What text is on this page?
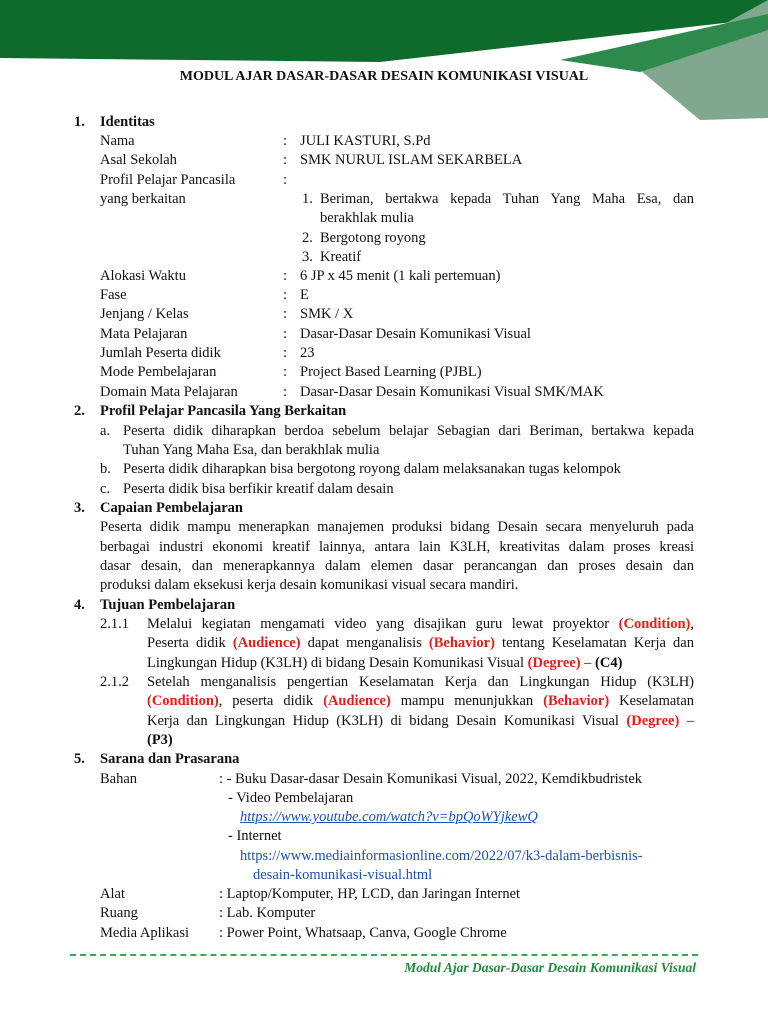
MODUL AJAR DASAR-DASAR DESAIN KOMUNIKASI VISUAL
1. Identitas
Nama	: JULI KASTURI, S.Pd
Asal Sekolah	: SMK NURUL ISLAM SEKARBELA
Profil Pelajar Pancasila	:
yang berkaitan	1. Beriman, bertakwa kepada Tuhan Yang Maha Esa, dan
berakhlak mulia
2. Bergotong royong
3. Kreatif
Alokasi Waktu	: 6 JP x 45 menit (1 kali pertemuan)
Fase	: E
Jenjang / Kelas	: SMK / X
Mata Pelajaran	: Dasar-Dasar Desain Komunikasi Visual
Jumlah Peserta didik	: 23
Mode Pembelajaran	: Project Based Learning (PJBL)
Domain Mata Pelajaran	: Dasar-Dasar Desain Komunikasi Visual SMK/MAK
2. Profil Pelajar Pancasila Yang Berkaitan
a. Peserta didik diharapkan berdoa sebelum belajar Sebagian dari Beriman, bertakwa kepada
Tuhan Yang Maha Esa, dan berakhlak mulia
b. Peserta didik diharapkan bisa bergotong royong dalam melaksanakan tugas kelompok
c. Peserta didik bisa berfikir kreatif dalam desain
3. Capaian Pembelajaran
Peserta didik mampu menerapkan manajemen produksi bidang Desain secara menyeluruh pada
berbagai industri ekonomi kreatif lainnya, antara lain K3LH, kreativitas dalam proses kreasi
dasar desain, dan menerapkannya dalam elemen dasar perancangan dan proses desain dan
produksi dalam eksekusi kerja desain komunikasi visual secara mandiri.
4. Tujuan Pembelajaran
2.1.1 Melalui kegiatan mengamati video yang disajikan guru lewat proyektor (Condition),
Peserta didik (Audience) dapat menganalisis (Behavior) tentang Keselamatan Kerja dan
Lingkungan Hidup (K3LH) di bidang Desain Komunikasi Visual (Degree) – (C4)
2.1.2 Setelah menganalisis pengertian Keselamatan Kerja dan Lingkungan Hidup (K3LH)
(Condition), peserta didik (Audience) mampu menunjukkan (Behavior) Keselamatan
Kerja dan Lingkungan Hidup (K3LH) di bidang Desain Komunikasi Visual (Degree) –
(P3)
5. Sarana dan Prasarana
Bahan	: - Buku Dasar-dasar Desain Komunikasi Visual, 2022, Kemdikbudristek
- Video Pembelajaran
https://www.youtube.com/watch?v=bpQoWYjkewQ
- Internet
https://www.mediainformasionline.com/2022/07/k3-dalam-berbisnis-
desain-komunikasi-visual.html
Alat	: Laptop/Komputer, HP, LCD, dan Jaringan Internet
Ruang	: Lab. Komputer
Media Aplikasi : Power Point, Whatsaap, Canva, Google Chrome
Modul Ajar Dasar-Dasar Desain Komunikasi Visual
